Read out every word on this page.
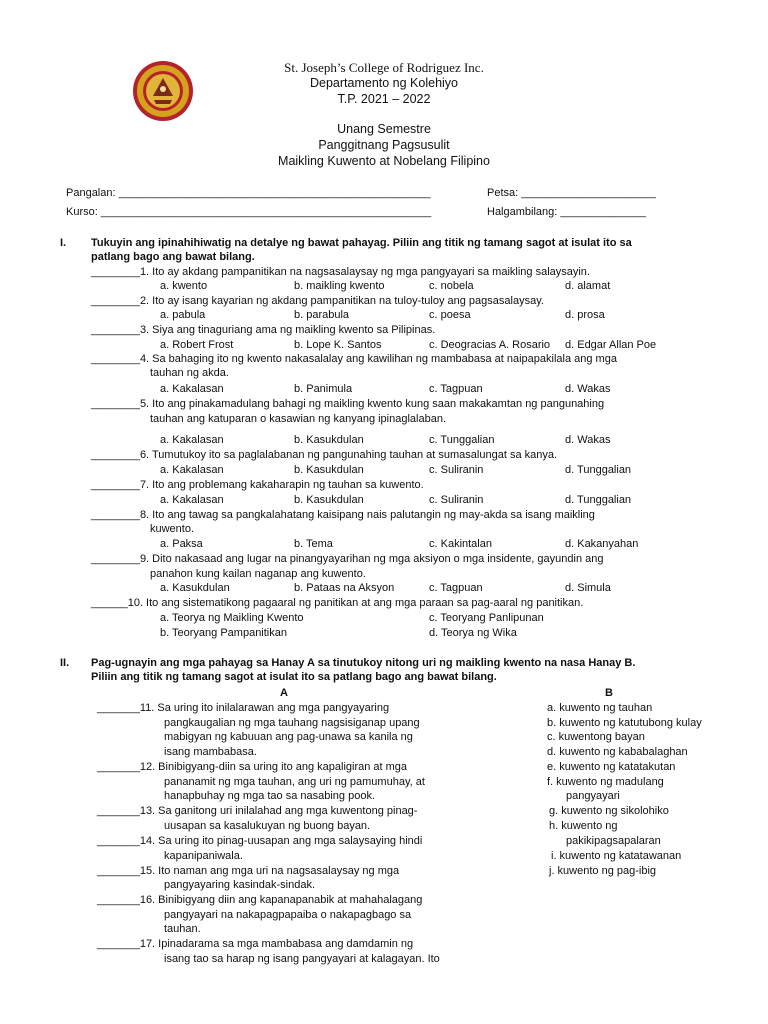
St. Joseph’s College of Rodriguez Inc.
Departamento ng Kolehiyo
T.P. 2021 – 2022
Unang Semestre
Panggitnang Pagsusulit
Maikling Kuwento at Nobelang Filipino
Pangalan: ___________________________________________________	Petsa: ______________________
Kurso: ______________________________________________________	Halgambilang: ______________
I. Tukuyin ang ipinahihiwatig na detalye ng bawat pahayag. Piliin ang titik ng tamang sagot at isulat ito sa
patlang bago ang bawat bilang.
________1. Ito ay akdang pampanitikan na nagsasalaysay ng mga pangyayari sa maikling salaysayin.
a. kwento	b. maikling kwento	c. nobela	d. alamat
________2. Ito ay isang kayarian ng akdang pampanitikan na tuloy-tuloy ang pagsasalaysay.
a. pabula	b. parabula	c. poesa	d. prosa
________3. Siya ang tinaguriang ama ng maikling kwento sa Pilipinas.
a. Robert Frost	b. Lope K. Santos	c. Deogracias A. Rosario d. Edgar Allan Poe
________4. Sa bahaging ito ng kwento nakasalalay ang kawilihan ng mambabasa at naipapakilala ang mga
tauhan ng akda.
a. Kakalasan	b. Panimula	c. Tagpuan	d. Wakas
________5. Ito ang pinakamadulang bahagi ng maikling kwento kung saan makakamtan ng pangunahing
tauhan ang katuparan o kasawian ng kanyang ipinaglalaban.
a. Kakalasan	b. Kasukdulan	c. Tunggalian	d. Wakas
________6. Tumutukoy ito sa paglalabanan ng pangunahing tauhan at sumasalungat sa kanya.
a. Kakalasan	b. Kasukdulan	c. Suliranin	d. Tunggalian
________7. Ito ang problemang kakaharapin ng tauhan sa kuwento.
a. Kakalasan	b. Kasukdulan	c. Suliranin	d. Tunggalian
________8. Ito ang tawag sa pangkalahatang kaisipang nais palutangin ng may-akda sa isang maikling
kuwento.
a. Paksa	b. Tema	c. Kakintalan	d. Kakanyahan
________9. Dito nakasaad ang lugar na pinangyayarihan ng mga aksiyon o mga insidente, gayundin ang
panahon kung kailan naganap ang kuwento.
a. Kasukdulan	b. Pataas na Aksyon	c. Tagpuan	d. Simula
______10. Ito ang sistematikong pagaaral ng panitikan at ang mga paraan sa pag-aaral ng panitikan.
a. Teorya ng Maikling Kwento	c. Teoryang Panlipunan
b. Teoryang Pampanitikan	d. Teorya ng Wika
II. Pag-ugnayin ang mga pahayag sa Hanay A sa tinutukoy nitong uri ng maikling kwento na nasa Hanay B.
Piliin ang titik ng tamang sagot at isulat ito sa patlang bago ang bawat bilang.
A	B
_______11. Sa uring ito inilalarawan ang mga pangyayaring
pangkaugalian ng mga tauhang nagsisiganap upang
mabigyan ng kabuuan ang pag-unawa sa kanila ng
isang mambabasa.
_______12. Binibigyang-diin sa uring ito ang kapaligiran at mga
pananamit ng mga tauhan, ang uri ng pamumuhay, at
hanapbuhay ng mga tao sa nasabing pook.
_______13. Sa ganitong uri inilalahad ang mga kuwentong pinag-
uusapan sa kasalukuyan ng buong bayan.
_______14. Sa uring ito pinag-uusapan ang mga salaysaying hindi
kapanipaniwala.
_______15. Ito naman ang mga uri na nagsasalaysay ng mga
pangyayaring kasindak-sindak.
_______16. Binibigyang diin ang kapanapanabik at mahahalagang
pangyayari na nakapagpapaiba o nakapagbago sa
tauhan.
_______17. Ipinadarama sa mga mambabasa ang damdamin ng
isang tao sa harap ng isang pangyayari at kalagayan. Ito
a. kuwento ng tauhan
b. kuwento ng katutubong kulay
c. kuwentong bayan
d. kuwento ng kababalaghan
e. kuwento ng katatakutan
f. kuwento ng madulang
pangyayari
g. kuwento ng sikolohiko
h. kuwento ng
pakikipagsapalaran
i. kuwento ng katatawanan
j. kuwento ng pag-ibig
